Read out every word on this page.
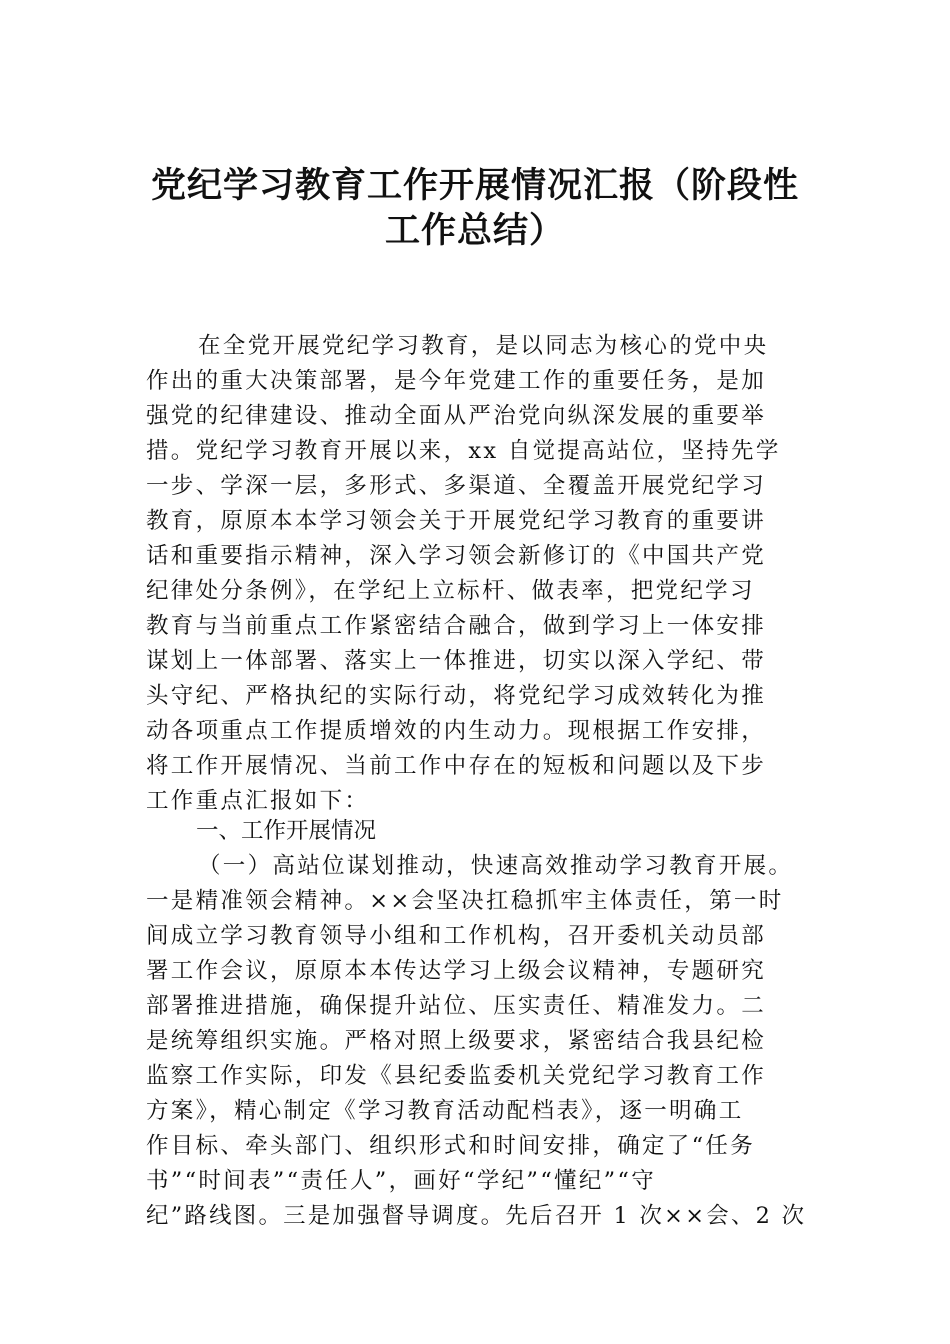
党纪学习教育工作开展情况汇报（阶段性
工作总结）
在全党开展党纪学习教育，是以同志为核心的党中央
作出的重大决策部署，是今年党建工作的重要任务，是加
强党的纪律建设、推动全面从严治党向纵深发展的重要举
措。党纪学习教育开展以来，xx 自觉提高站位，坚持先学
一步、学深一层，多形式、多渠道、全覆盖开展党纪学习
教育，原原本本学习领会关于开展党纪学习教育的重要讲
话和重要指示精神，深入学习领会新修订的《中国共产党
纪律处分条例》，在学纪上立标杆、做表率，把党纪学习
教育与当前重点工作紧密结合融合，做到学习上一体安排
谋划上一体部署、落实上一体推进，切实以深入学纪、带
头守纪、严格执纪的实际行动，将党纪学习成效转化为推
动各项重点工作提质增效的内生动力。现根据工作安排，
将工作开展情况、当前工作中存在的短板和问题以及下步
工作重点汇报如下：
一、工作开展情况
（一）高站位谋划推动，快速高效推动学习教育开展。
一是精准领会精神。××会坚决扛稳抓牢主体责任，第一时
间成立学习教育领导小组和工作机构，召开委机关动员部
署工作会议，原原本本传达学习上级会议精神，专题研究
部署推进措施，确保提升站位、压实责任、精准发力。二
是统筹组织实施。严格对照上级要求，紧密结合我县纪检
监察工作实际，印发《县纪委监委机关党纪学习教育工作
方案》，精心制定《学习教育活动配档表》，逐一明确工
作目标、牵头部门、组织形式和时间安排，确定了“任务
书”“时间表”“责任人”，画好“学纪”“懂纪”“守
纪”路线图。三是加强督导调度。先后召开 1 次××会、2 次
